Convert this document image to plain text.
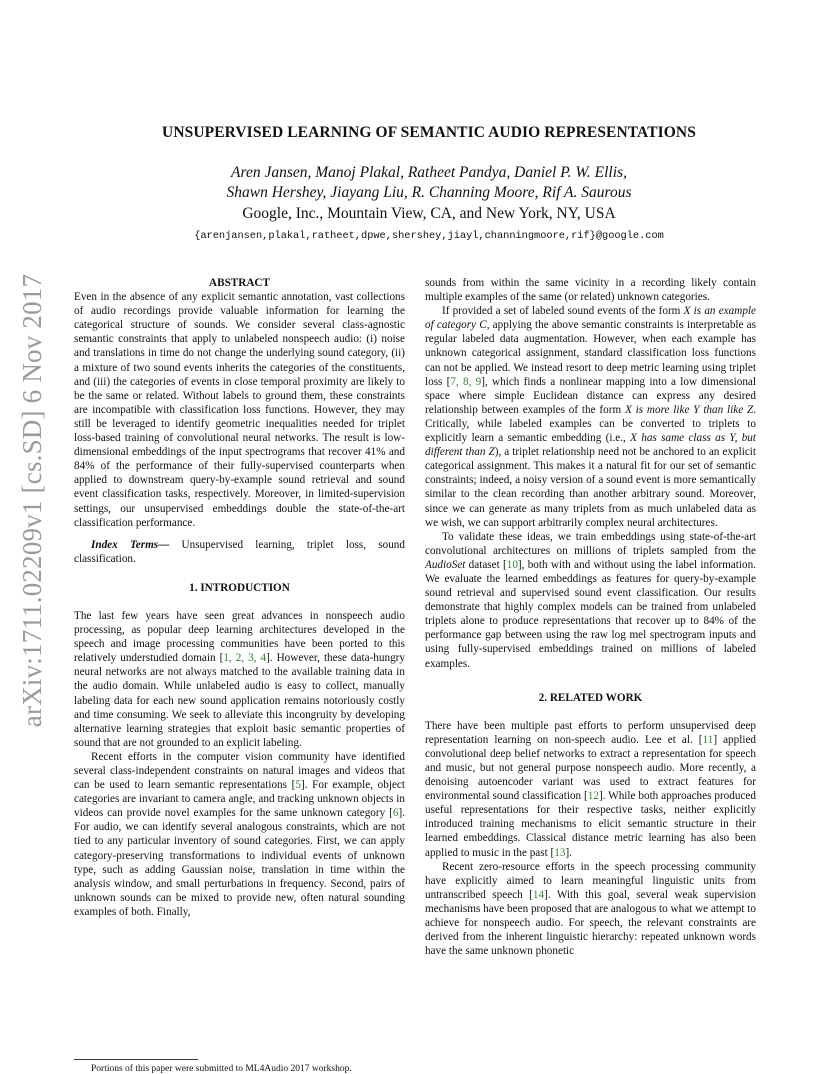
arXiv:1711.02209v1 [cs.SD] 6 Nov 2017
UNSUPERVISED LEARNING OF SEMANTIC AUDIO REPRESENTATIONS
Aren Jansen, Manoj Plakal, Ratheet Pandya, Daniel P. W. Ellis,
Shawn Hershey, Jiayang Liu, R. Channing Moore, Rif A. Saurous
Google, Inc., Mountain View, CA, and New York, NY, USA
{arenjansen,plakal,ratheet,dpwe,shershey,jiayl,channingmoore,rif}@google.com

ABSTRACT

Even in the absence of any explicit semantic annotation, vast collections of audio recordings provide valuable information for learning the categorical structure of sounds. We consider several class-agnostic semantic constraints that apply to unlabeled nonspeech audio: (i) noise and translations in time do not change the underlying sound category, (ii) a mixture of two sound events inherits the categories of the constituents, and (iii) the categories of events in close temporal proximity are likely to be the same or related. Without labels to ground them, these constraints are incompatible with classification loss functions. However, they may still be leveraged to identify geometric inequalities needed for triplet loss-based training of convolutional neural networks. The result is low-dimensional embeddings of the input spectrograms that recover 41% and 84% of the performance of their fully-supervised counterparts when applied to downstream query-by-example sound retrieval and sound event classification tasks, respectively. Moreover, in limited-supervision settings, our unsupervised embeddings double the state-of-the-art classification performance.

Index Terms— Unsupervised learning, triplet loss, sound classification.

1. INTRODUCTION

The last few years have seen great advances in nonspeech audio processing, as popular deep learning architectures developed in the speech and image processing communities have been ported to this relatively understudied domain [1, 2, 3, 4]. However, these data-hungry neural networks are not always matched to the available training data in the audio domain. While unlabeled audio is easy to collect, manually labeling data for each new sound application remains notoriously costly and time consuming. We seek to alleviate this incongruity by developing alternative learning strategies that exploit basic semantic properties of sound that are not grounded to an explicit labeling.

Recent efforts in the computer vision community have identified several class-independent constraints on natural images and videos that can be used to learn semantic representations [5]. For example, object categories are invariant to camera angle, and tracking unknown objects in videos can provide novel examples for the same unknown category [6]. For audio, we can identify several analogous constraints, which are not tied to any particular inventory of sound categories. First, we can apply category-preserving transformations to individual events of unknown type, such as adding Gaussian noise, translation in time within the analysis window, and small perturbations in frequency. Second, pairs of unknown sounds can be mixed to provide new, often natural sounding examples of both. Finally,

sounds from within the same vicinity in a recording likely contain multiple examples of the same (or related) unknown categories.

If provided a set of labeled sound events of the form X is an example of category C, applying the above semantic constraints is interpretable as regular labeled data augmentation. However, when each example has unknown categorical assignment, standard classification loss functions can not be applied. We instead resort to deep metric learning using triplet loss [7, 8, 9], which finds a nonlinear mapping into a low dimensional space where simple Euclidean distance can express any desired relationship between examples of the form X is more like Y than like Z. Critically, while labeled examples can be converted to triplets to explicitly learn a semantic embedding (i.e., X has same class as Y, but different than Z), a triplet relationship need not be anchored to an explicit categorical assignment. This makes it a natural fit for our set of semantic constraints; indeed, a noisy version of a sound event is more semantically similar to the clean recording than another arbitrary sound. Moreover, since we can generate as many triplets from as much unlabeled data as we wish, we can support arbitrarily complex neural architectures.

To validate these ideas, we train embeddings using state-of-the-art convolutional architectures on millions of triplets sampled from the AudioSet dataset [10], both with and without using the label information. We evaluate the learned embeddings as features for query-by-example sound retrieval and supervised sound event classification. Our results demonstrate that highly complex models can be trained from unlabeled triplets alone to produce representations that recover up to 84% of the performance gap between using the raw log mel spectrogram inputs and using fully-supervised embeddings trained on millions of labeled examples.

2. RELATED WORK

There have been multiple past efforts to perform unsupervised deep representation learning on non-speech audio. Lee et al. [11] applied convolutional deep belief networks to extract a representation for speech and music, but not general purpose nonspeech audio. More recently, a denoising autoencoder variant was used to extract features for environmental sound classification [12]. While both approaches produced useful representations for their respective tasks, neither explicitly introduced training mechanisms to elicit semantic structure in their learned embeddings. Classical distance metric learning has also been applied to music in the past [13].

Recent zero-resource efforts in the speech processing community have explicitly aimed to learn meaningful linguistic units from untranscribed speech [14]. With this goal, several weak supervision mechanisms have been proposed that are analogous to what we attempt to achieve for nonspeech audio. For speech, the relevant constraints are derived from the inherent linguistic hierarchy: repeated unknown words have the same unknown phonetic

Portions of this paper were submitted to ML4Audio 2017 workshop.
